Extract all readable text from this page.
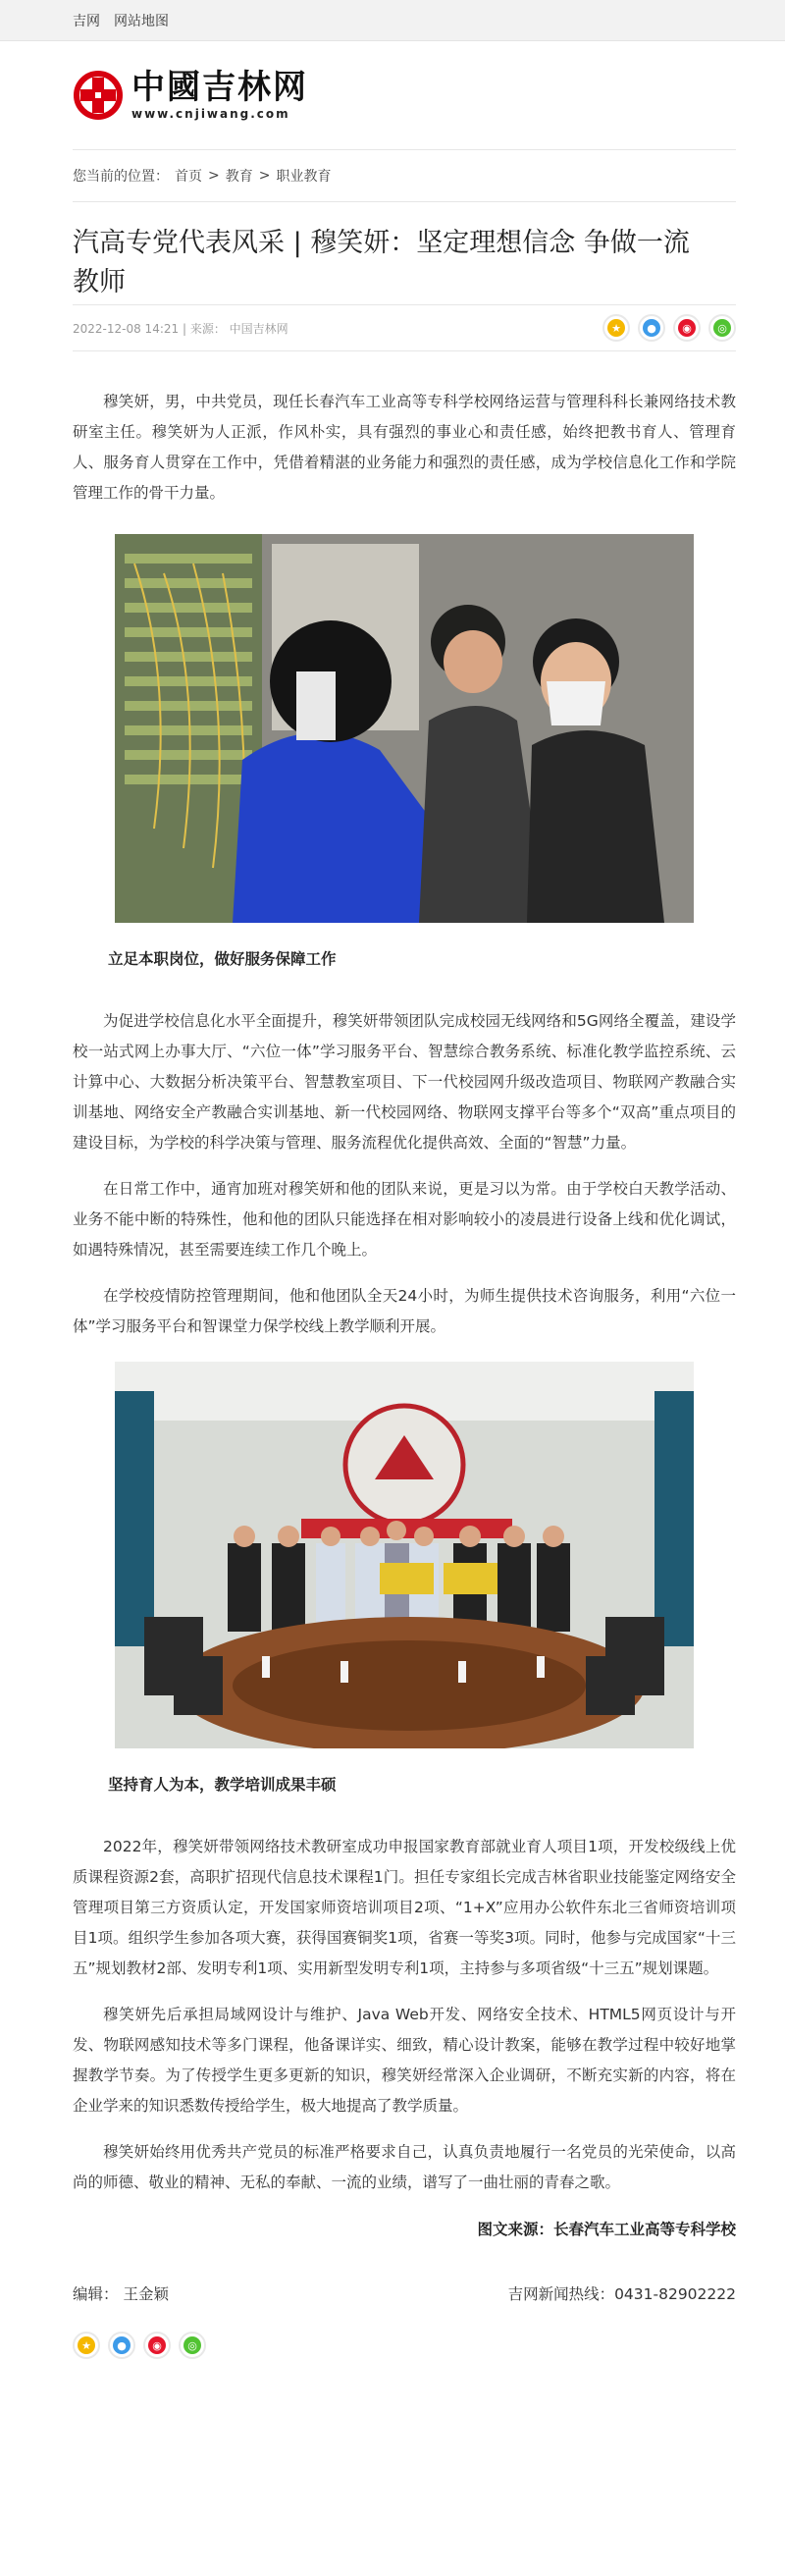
吉网 网站地图
中國吉林网
www.cnjiwang.com
您当前的位置： 首页 > 教育 > 职业教育
汽高专党代表风采 | 穆笑妍：坚定理想信念 争做一流教师
2022-12-08 14:21 | 来源： 中国吉林网	★	●	◉	◎

穆笑妍，男，中共党员，现任长春汽车工业高等专科学校网络运营与管理科科长兼网络技术教研室主任。穆笑妍为人正派，作风朴实，具有强烈的事业心和责任感，始终把教书育人、管理育人、服务育人贯穿在工作中，凭借着精湛的业务能力和强烈的责任感，成为学校信息化工作和学院管理工作的骨干力量。

立足本职岗位，做好服务保障工作

为促进学校信息化水平全面提升，穆笑妍带领团队完成校园无线网络和5G网络全覆盖，建设学校一站式网上办事大厅、“六位一体”学习服务平台、智慧综合教务系统、标准化教学监控系统、云计算中心、大数据分析决策平台、智慧教室项目、下一代校园网升级改造项目、物联网产教融合实训基地、网络安全产教融合实训基地、新一代校园网络、物联网支撑平台等多个“双高”重点项目的建设目标，为学校的科学决策与管理、服务流程优化提供高效、全面的“智慧”力量。

在日常工作中，通宵加班对穆笑妍和他的团队来说，更是习以为常。由于学校白天教学活动、业务不能中断的特殊性，他和他的团队只能选择在相对影响较小的凌晨进行设备上线和优化调试，如遇特殊情况，甚至需要连续工作几个晚上。

在学校疫情防控管理期间，他和他团队全天24小时，为师生提供技术咨询服务，利用“六位一体”学习服务平台和智课堂力保学校线上教学顺利开展。

坚持育人为本，教学培训成果丰硕

2022年，穆笑妍带领网络技术教研室成功申报国家教育部就业育人项目1项，开发校级线上优质课程资源2套，高职扩招现代信息技术课程1门。担任专家组长完成吉林省职业技能鉴定网络安全管理项目第三方资质认定，开发国家师资培训项目2项、“1+X”应用办公软件东北三省师资培训项目1项。组织学生参加各项大赛，获得国赛铜奖1项，省赛一等奖3项。同时，他参与完成国家“十三五”规划教材2部、发明专利1项、实用新型发明专利1项，主持参与多项省级“十三五”规划课题。

穆笑妍先后承担局域网设计与维护、Java Web开发、网络安全技术、HTML5网页设计与开发、物联网感知技术等多门课程，他备课详实、细致，精心设计教案，能够在教学过程中较好地掌握教学节奏。为了传授学生更多更新的知识，穆笑妍经常深入企业调研，不断充实新的内容，将在企业学来的知识悉数传授给学生，极大地提高了教学质量。

穆笑妍始终用优秀共产党员的标准严格要求自己，认真负责地履行一名党员的光荣使命，以高尚的师德、敬业的精神、无私的奉献、一流的业绩，谱写了一曲壮丽的青春之歌。

图文来源：长春汽车工业高等专科学校

编辑： 王金颖	吉网新闻热线：0431-82902222
★	●	◉	◎
